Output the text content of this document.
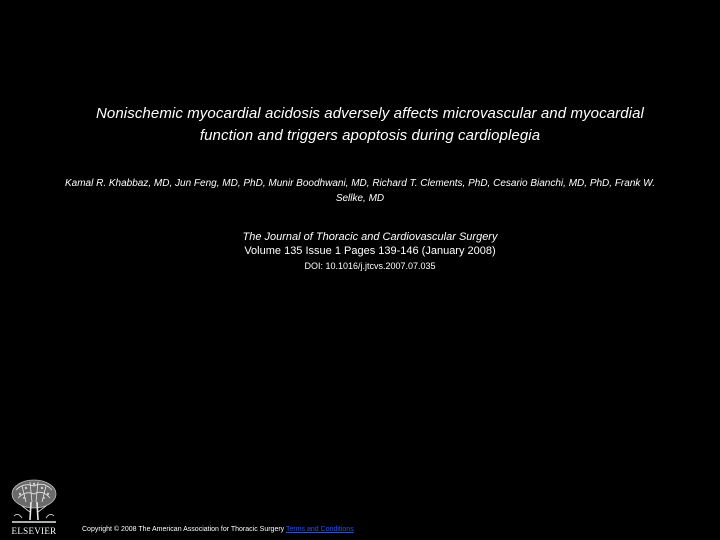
Nonischemic myocardial acidosis adversely affects microvascular and myocardial
function and triggers apoptosis during cardioplegia
Kamal R. Khabbaz, MD, Jun Feng, MD, PhD, Munir Boodhwani, MD, Richard T. Clements, PhD, Cesario Bianchi, MD, PhD, Frank W.
Sellke, MD
The Journal of Thoracic and Cardiovascular Surgery
Volume 135 Issue 1 Pages 139-146 (January 2008)
DOI: 10.1016/j.jtcvs.2007.07.035
ELSEVIER	Copyright © 2008 The American Association for Thoracic Surgery Terms and Conditions
